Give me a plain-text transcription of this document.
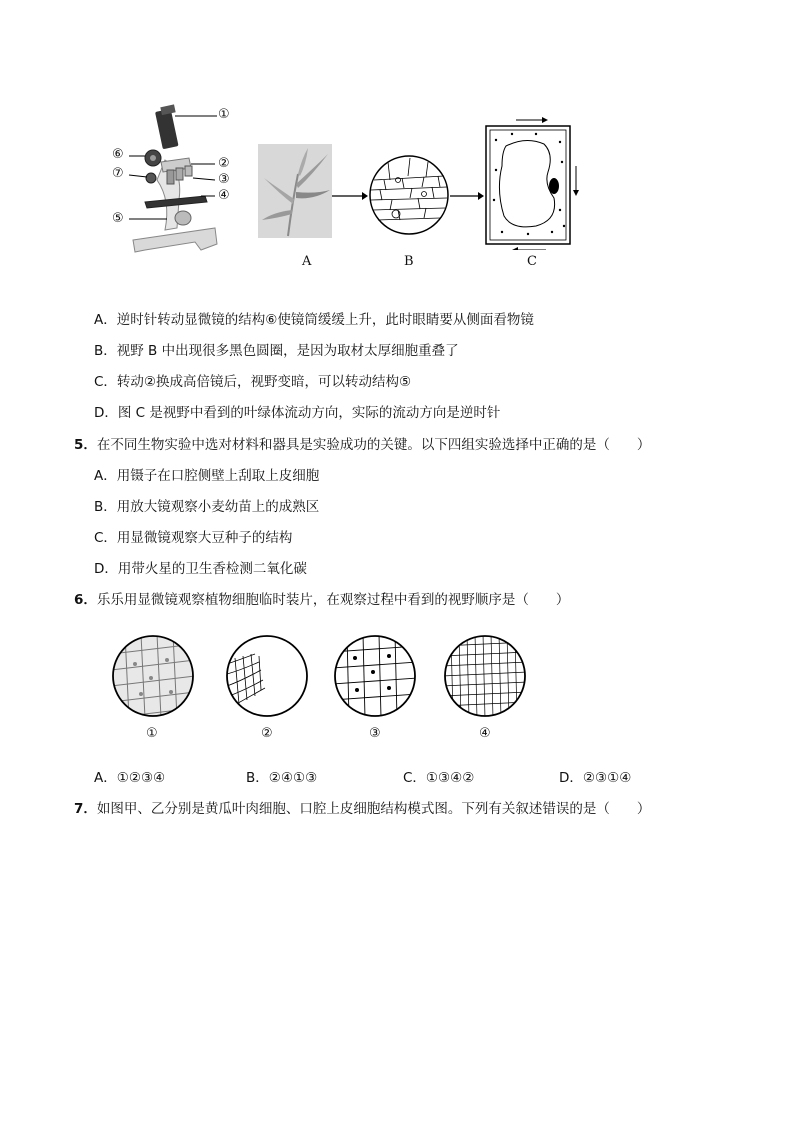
①
②
③
④
⑤
⑥
⑦
A	B	C
A．逆时针转动显微镜的结构⑥使镜筒缓缓上升，此时眼睛要从侧面看物镜
B．视野 B 中出现很多黑色圆圈，是因为取材太厚细胞重叠了
C．转动②换成高倍镜后，视野变暗，可以转动结构⑤
D．图 C 是视野中看到的叶绿体流动方向，实际的流动方向是逆时针
5．在不同生物实验中选对材料和器具是实验成功的关键。以下四组实验选择中正确的是（　　）
A．用镊子在口腔侧壁上刮取上皮细胞
B．用放大镜观察小麦幼苗上的成熟区
C．用显微镜观察大豆种子的结构
D．用带火星的卫生香检测二氧化碳
6．乐乐用显微镜观察植物细胞临时装片，在观察过程中看到的视野顺序是（　　）
①	②	③	④
A．①②③④	B．②④①③	C．①③④②	D．②③①④
7．如图甲、乙分别是黄瓜叶肉细胞、口腔上皮细胞结构模式图。下列有关叙述错误的是（　　）
